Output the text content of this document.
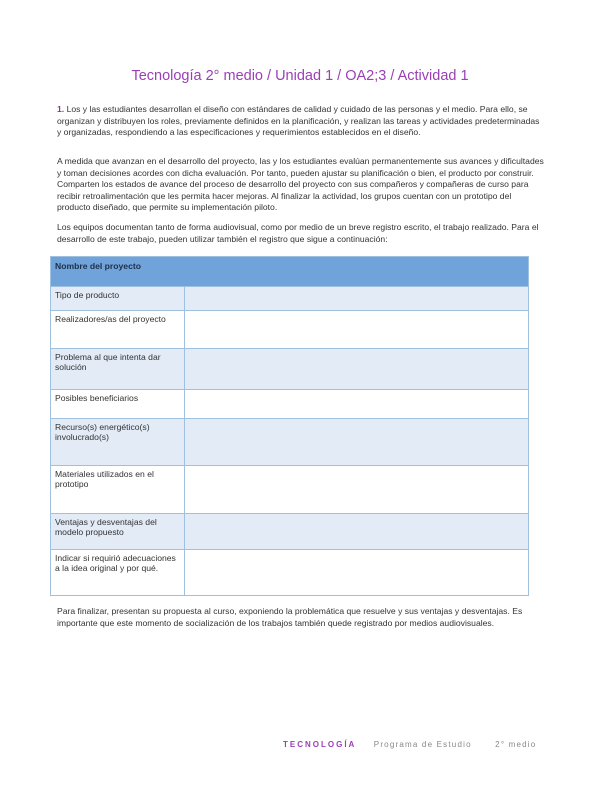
Tecnología 2° medio / Unidad 1 / OA2;3 / Actividad 1

1. Los y las estudiantes desarrollan el diseño con estándares de calidad y cuidado de las personas y el medio. Para ello, se organizan y distribuyen los roles, previamente definidos en la planificación, y realizan las tareas y actividades predeterminadas y organizadas, respondiendo a las especificaciones y requerimientos establecidos en el diseño.

A medida que avanzan en el desarrollo del proyecto, las y los estudiantes evalúan permanentemente sus avances y dificultades y toman decisiones acordes con dicha evaluación. Por tanto, pueden ajustar su planificación o bien, el producto por construir. Comparten los estados de avance del proceso de desarrollo del proyecto con sus compañeros y compañeras de curso para recibir retroalimentación que les permita hacer mejoras. Al finalizar la actividad, los grupos cuentan con un prototipo del producto diseñado, que permite su implementación piloto.

Los equipos documentan tanto de forma audiovisual, como por medio de un breve registro escrito, el trabajo realizado. Para el desarrollo de este trabajo, pueden utilizar también el registro que sigue a continuación:

Nombre del proyecto	
Tipo de producto	
Realizadores/as del proyecto	
Problema al que intenta dar solución	
Posibles beneficiarios	
Recurso(s) energético(s) involucrado(s)	
Materiales utilizados en el prototipo	
Ventajas y desventajas del modelo propuesto	
Indicar si requirió adecuaciones a la idea original y por qué.	

Para finalizar, presentan su propuesta al curso, exponiendo la problemática que resuelve y sus ventajas y desventajas. Es importante que este momento de socialización de los trabajos también quede registrado por medios audiovisuales.

TECNOLOGÍA Programa de Estudio	2° medio
